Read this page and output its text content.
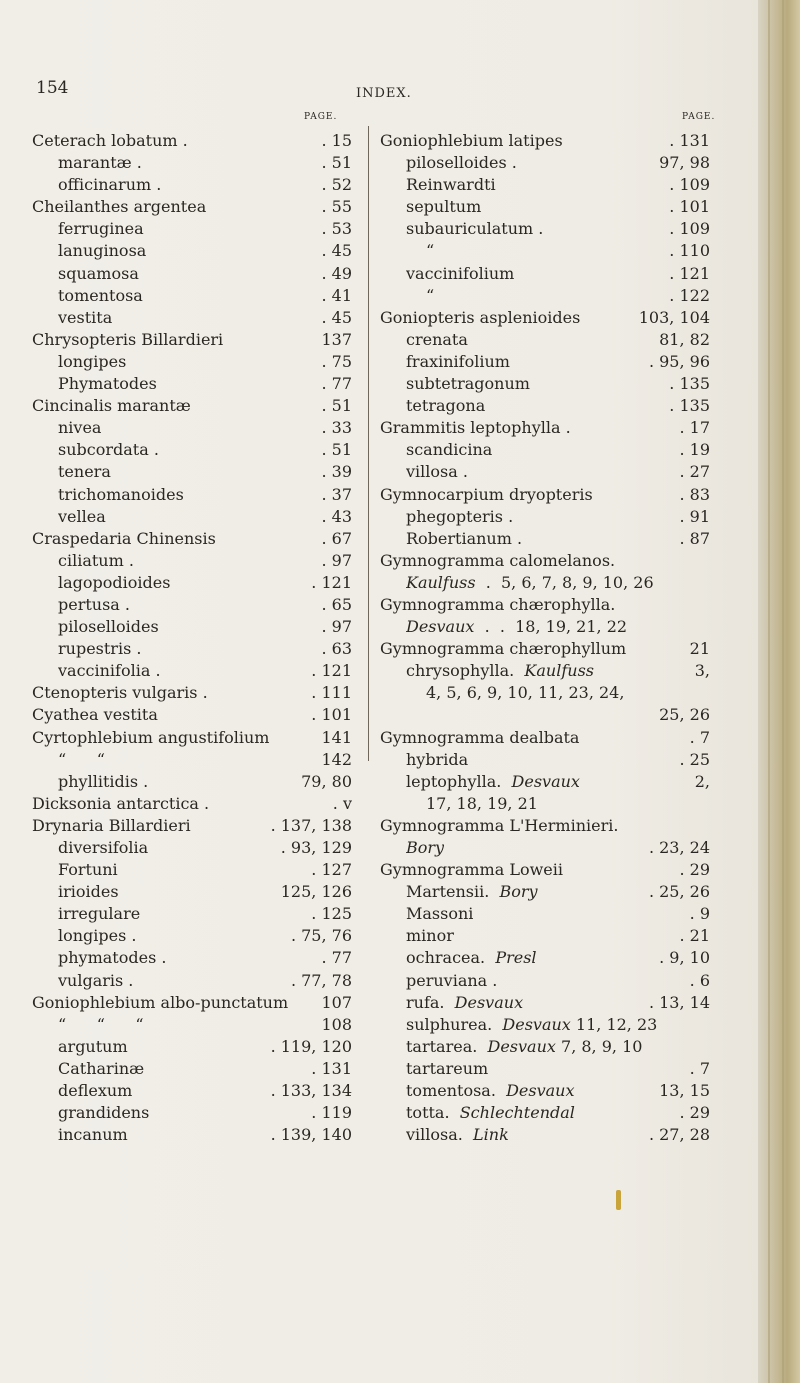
154	INDEX.
PAGE.	PAGE.
Ceterach lobatum .	. 15
marantæ .	. 51
officinarum .	. 52
Cheilanthes argentea	. 55
ferruginea	. 53
lanuginosa	. 45
squamosa	. 49
tomentosa	. 41
vestita	. 45
Chrysopteris Billardieri	137
longipes	. 75
Phymatodes	. 77
Cincinalis marantæ	. 51
nivea	. 33
subcordata .	. 51
tenera	. 39
trichomanoides	. 37
vellea	. 43
Craspedaria Chinensis	. 67
ciliatum .	. 97
lagopodioides	. 121
pertusa .	. 65
piloselloides	. 97
rupestris .	. 63
vaccinifolia .	. 121
Ctenopteris vulgaris .	. 111
Cyathea vestita	. 101
Cyrtophlebium angustifolium	141
“      “	142
phyllitidis .	79, 80
Dicksonia antarctica .	. v
Drynaria Billardieri	. 137, 138
diversifolia	. 93, 129
Fortuni	. 127
irioides	125, 126
irregulare	. 125
longipes .	. 75, 76
phymatodes .	. 77
vulgaris .	. 77, 78
Goniophlebium albo-punctatum	107
“      “      “	108
argutum	. 119, 120
Catharinæ	. 131
deflexum	. 133, 134
grandidens	. 119
incanum	. 139, 140
Goniophlebium latipes	. 131
piloselloides .	97, 98
Reinwardti	. 109
sepultum	. 101
subauriculatum .	. 109
“	. 110
vaccinifolium	. 121
“	. 122
Goniopteris asplenioides	103, 104
crenata	81, 82
fraxinifolium	. 95, 96
subtetragonum	. 135
tetragona	. 135
Grammitis leptophylla .	. 17
scandicina	. 19
villosa .	. 27
Gymnocarpium dryopteris	. 83
phegopteris .	. 91
Robertianum .	. 87
Gymnogramma calomelanos.
Kaulfuss  .  5, 6, 7, 8, 9, 10, 26
Gymnogramma chærophylla.
Desvaux  .  .  18, 19, 21, 22
Gymnogramma chærophyllum	21
chrysophylla.  Kaulfuss	3,
4, 5, 6, 9, 10, 11, 23, 24,
25, 26
Gymnogramma dealbata	. 7
hybrida	. 25
leptophylla.  Desvaux	2,
17, 18, 19, 21
Gymnogramma L'Herminieri.
Bory	. 23, 24
Gymnogramma Loweii	. 29
Martensii.  Bory	. 25, 26
Massoni	. 9
minor	. 21
ochracea.  Presl	. 9, 10
peruviana .	. 6
rufa.  Desvaux	. 13, 14
sulphurea.  Desvaux 11, 12, 23
tartarea.  Desvaux 7, 8, 9, 10
tartareum	. 7
tomentosa.  Desvaux	13, 15
totta.  Schlechtendal	. 29
villosa.  Link	. 27, 28
